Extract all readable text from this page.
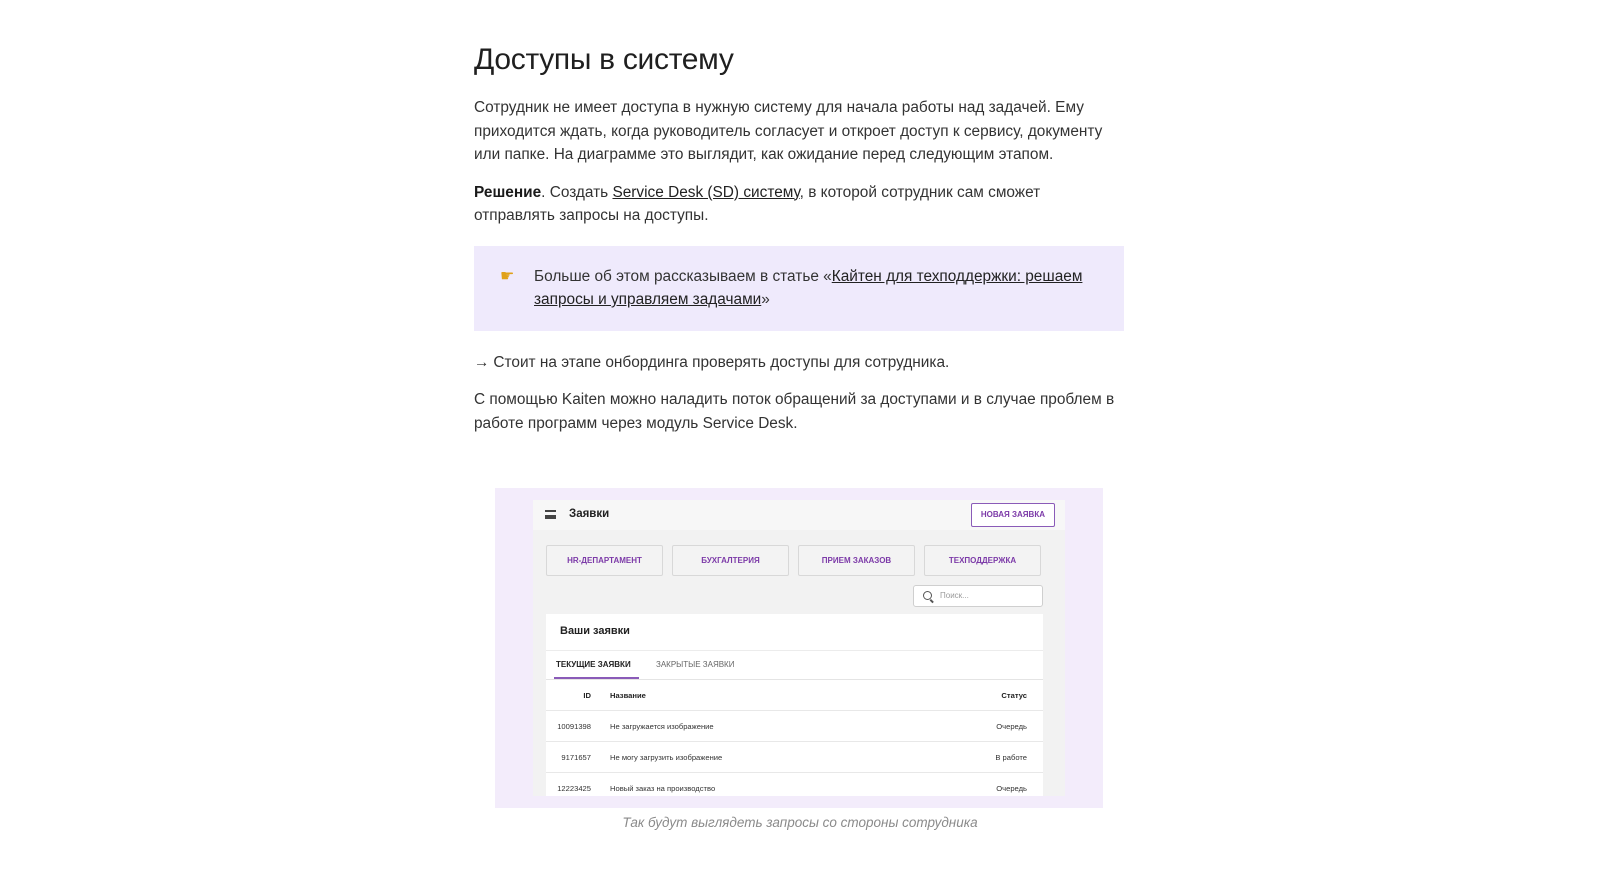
Доступы в систему

Сотрудник не имеет доступа в нужную систему для начала работы над задачей. Ему приходится ждать, когда руководитель согласует и откроет доступ к сервису, документу или папке. На диаграмме это выглядит, как ожидание перед следующим этапом.

Решение. Создать Service Desk (SD) систему, в которой сотрудник сам сможет отправлять запросы на доступы.

☛	Больше об этом рассказываем в статье «Кайтен для техподдержки: решаем запросы и управляем задачами»

→ Стоит на этапе онбординга проверять доступы для сотрудника.

С помощью Kaiten можно наладить поток обращений за доступами и в случае проблем в работе программ через модуль Service Desk.

Заявки	НОВАЯ ЗАЯВКА
HR-ДЕПАРТАМЕНТ	БУХГАЛТЕРИЯ	ПРИЕМ ЗАКАЗОВ	ТЕХПОДДЕРЖКА
Поиск...
Ваши заявки
ТЕКУЩИЕ ЗАЯВКИ	ЗАКРЫТЫЕ ЗАЯВКИ
ID	Название	Статус
10091398	Не загружается изображение	Очередь
9171657	Не могу загрузить изображение	В работе
12223425	Новый заказ на производство	Очередь
Так будут выглядеть запросы со стороны сотрудника
